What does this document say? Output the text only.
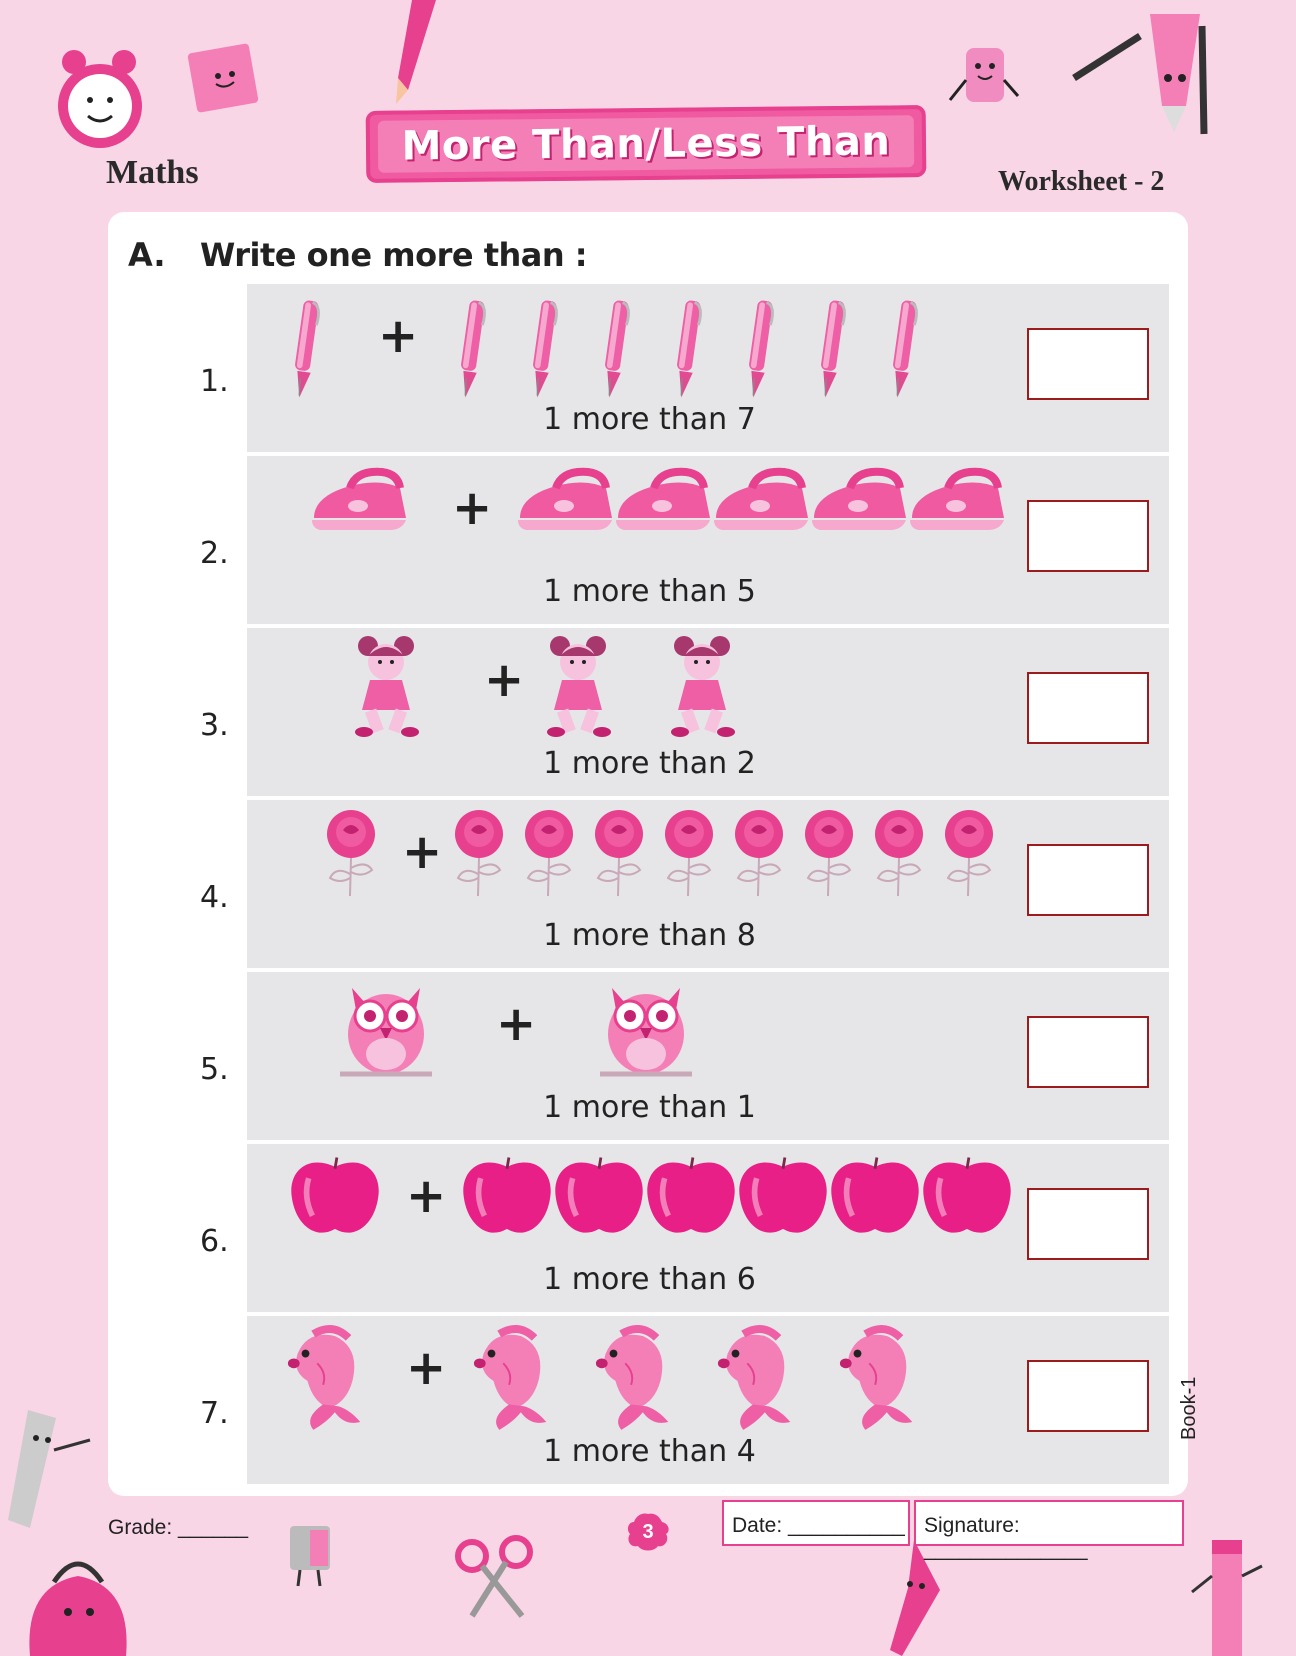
More Than/Less Than
Maths	Worksheet - 2
A. Write one more than :
Grade: ______	3	Date: __________ Signature: ______________
Book-1
1.
+
1 more than 7
2.
+
1 more than 5
3.
+
1 more than 2
4.
+
1 more than 8
5.
+
1 more than 1
6.
+
1 more than 6
7.
+
1 more than 4
